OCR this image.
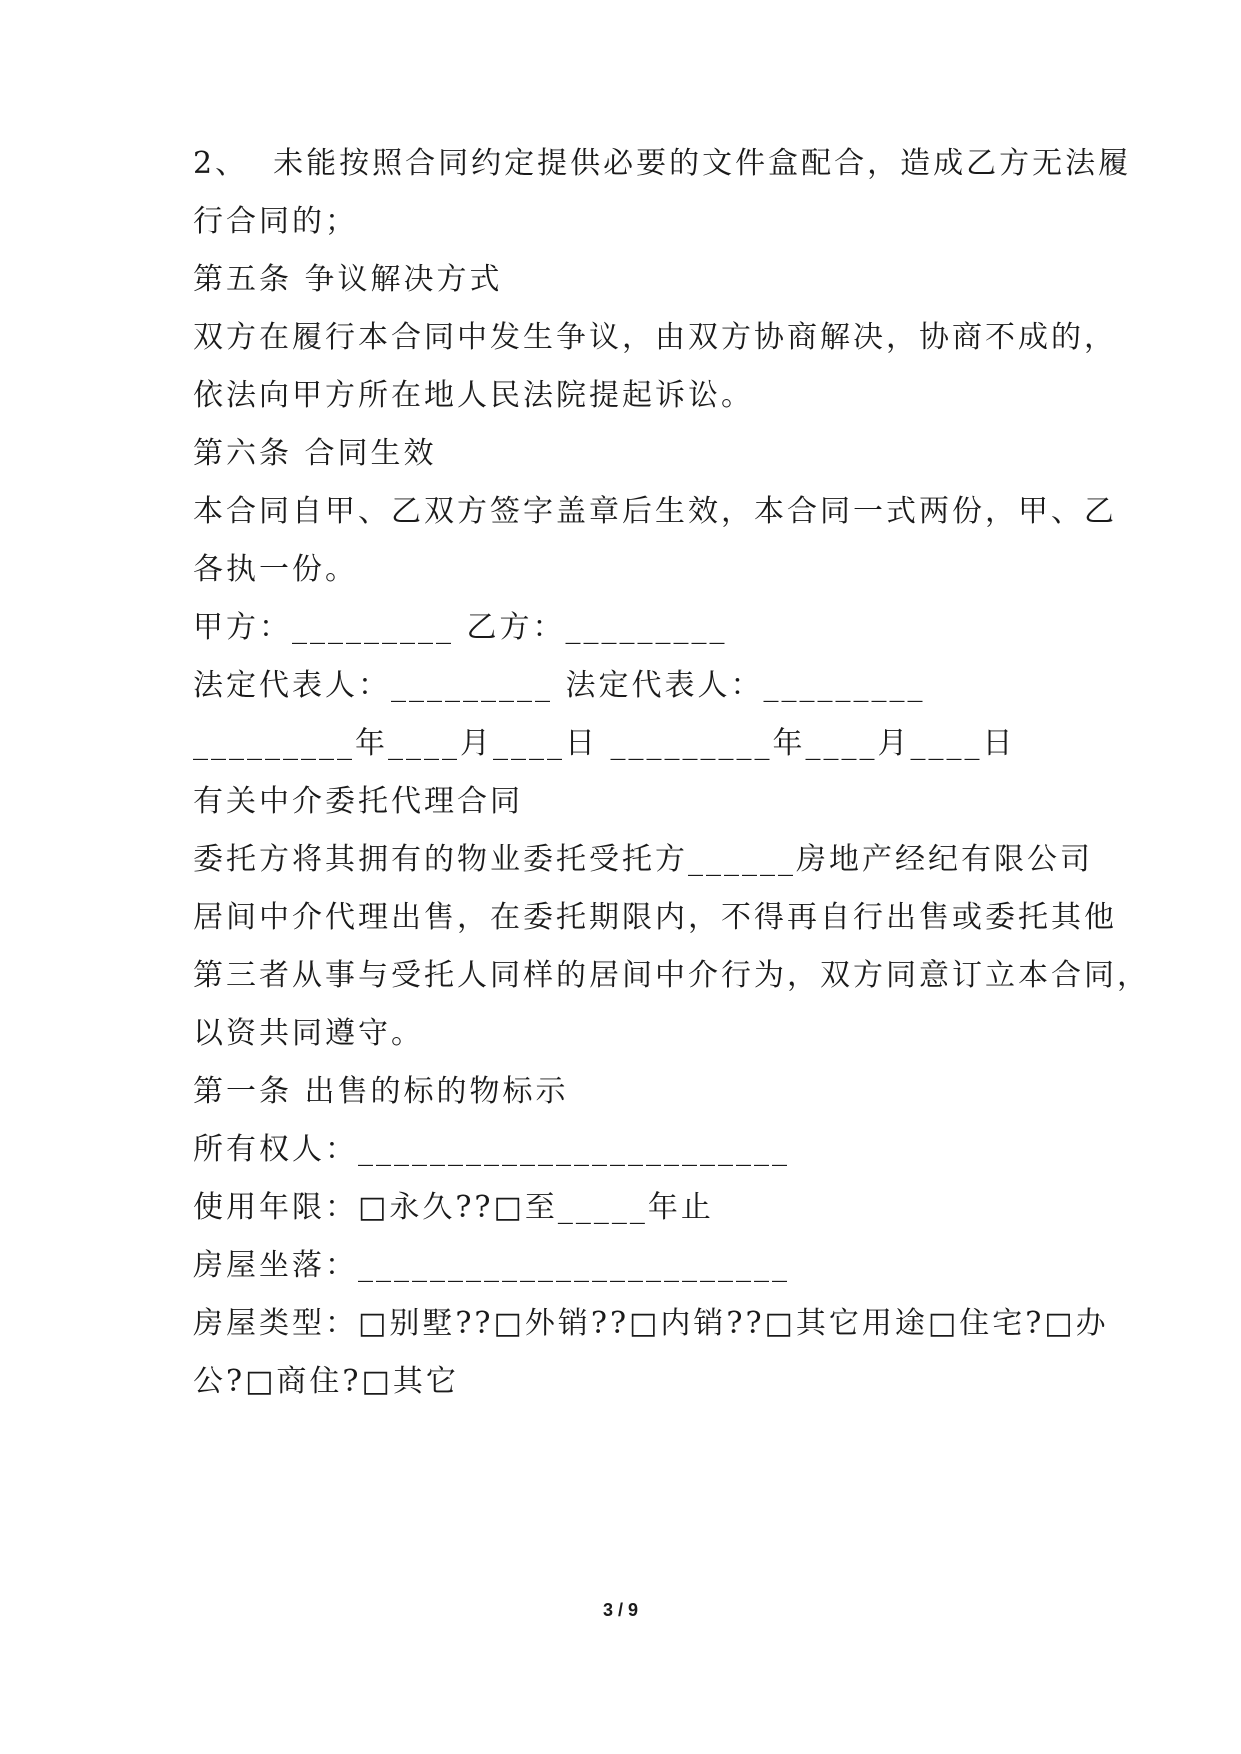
2、  未能按照合同约定提供必要的文件盒配合，造成乙方无法履
行合同的；
第五条 争议解决方式
双方在履行本合同中发生争议，由双方协商解决，协商不成的，
依法向甲方所在地人民法院提起诉讼。
第六条 合同生效
本合同自甲、乙双方签字盖章后生效，本合同一式两份，甲、乙
各执一份。
甲方：_________ 乙方：_________
法定代表人：_________ 法定代表人：_________
_________年____月____日 _________年____月____日
有关中介委托代理合同
委托方将其拥有的物业委托受托方______房地产经纪有限公司
居间中介代理出售，在委托期限内，不得再自行出售或委托其他
第三者从事与受托人同样的居间中介行为，双方同意订立本合同，
以资共同遵守。
第一条 出售的标的物标示
所有权人：________________________
使用年限：□永久??□至_____年止
房屋坐落：________________________
房屋类型：□别墅??□外销??□内销??□其它用途□住宅?□办
公?□商住?□其它
3 / 9
